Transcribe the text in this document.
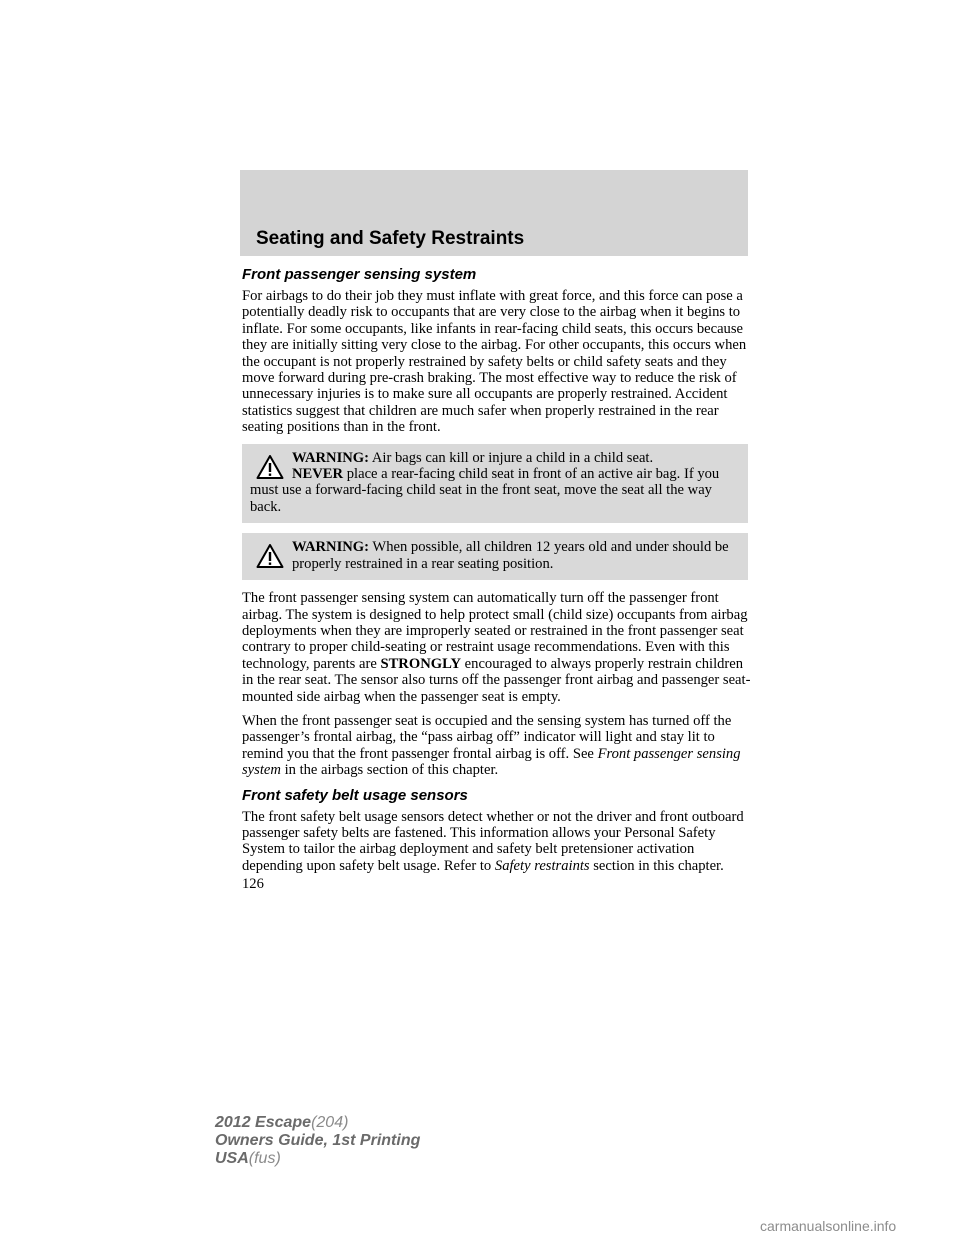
Seating and Safety Restraints

Front passenger sensing system

For airbags to do their job they must inflate with great force, and this force can pose a potentially deadly risk to occupants that are very close to the airbag when it begins to inflate. For some occupants, like infants in rear-facing child seats, this occurs because they are initially sitting very close to the airbag. For other occupants, this occurs when the occupant is not properly restrained by safety belts or child safety seats and they move forward during pre-crash braking. The most effective way to reduce the risk of unnecessary injuries is to make sure all occupants are properly restrained. Accident statistics suggest that children are much safer when properly restrained in the rear seating positions than in the front.

WARNING: Air bags can kill or injure a child in a child seat.
NEVER place a rear-facing child seat in front of an active air bag. If you must use a forward-facing child seat in the front seat, move the seat all the way back.

WARNING: When possible, all children 12 years old and under should be properly restrained in a rear seating position.

The front passenger sensing system can automatically turn off the passenger front airbag. The system is designed to help protect small (child size) occupants from airbag deployments when they are improperly seated or restrained in the front passenger seat contrary to proper child-seating or restraint usage recommendations. Even with this technology, parents are STRONGLY encouraged to always properly restrain children in the rear seat. The sensor also turns off the passenger front airbag and passenger seat-mounted side airbag when the passenger seat is empty.

When the front passenger seat is occupied and the sensing system has turned off the passenger’s frontal airbag, the “pass airbag off” indicator will light and stay lit to remind you that the front passenger frontal airbag is off. See Front passenger sensing system in the airbags section of this chapter.

Front safety belt usage sensors

The front safety belt usage sensors detect whether or not the driver and front outboard passenger safety belts are fastened. This information allows your Personal Safety System to tailor the airbag deployment and safety belt pretensioner activation depending upon safety belt usage. Refer to Safety restraints section in this chapter.

126

2012 Escape(204)
Owners Guide, 1st Printing
USA(fus)
carmanualsonline.info
